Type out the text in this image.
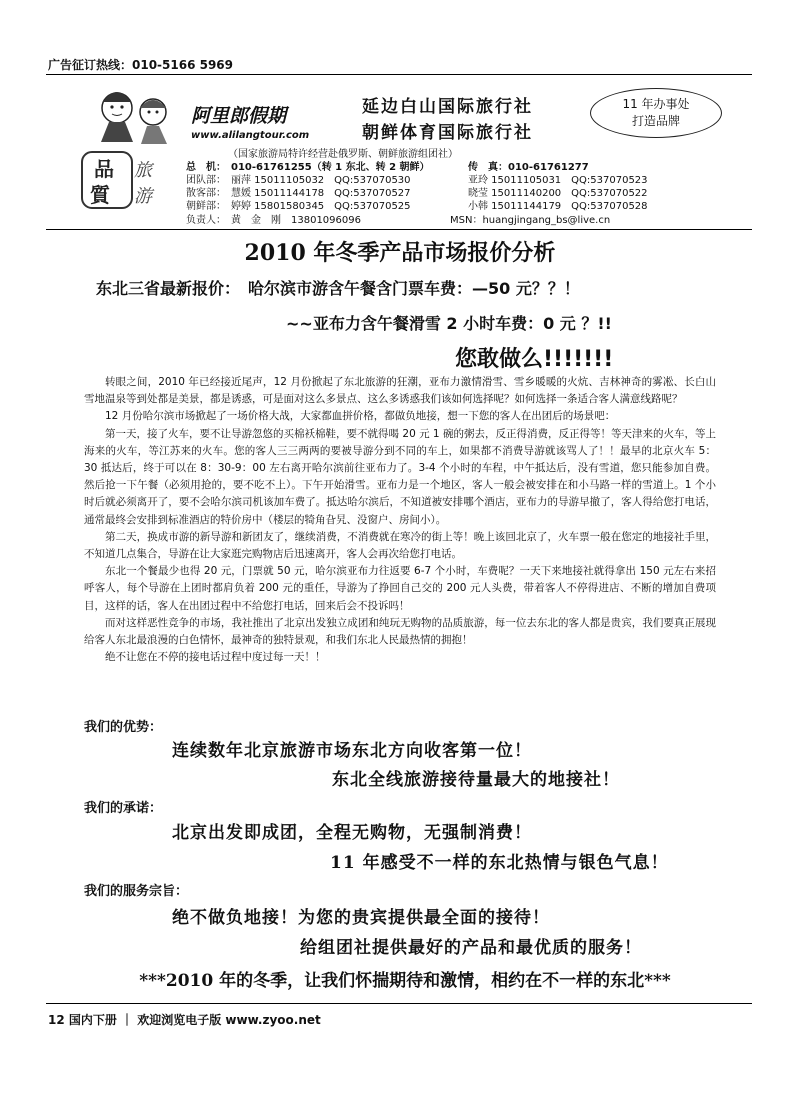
广告征订热线：010-5166 5969
阿里郎假期
www.alilangtour.com
延边白山国际旅行社
朝鲜体育国际旅行社
11 年办事处
打造品牌
品
質
旅
游
（国家旅游局特许经营赴俄罗斯、朝鲜旅游组团社）
总　机：　010-61761255（转 1 东北、转 2 朝鲜）	传　真：010-61761277
团队部：　丽萍 15011105032　QQ:537070530	亚玲 15011105031　QQ:537070523
散客部：　慧媛 15011144178　QQ:537070527	晓莹 15011140200　QQ:537070522
朝鲜部：　婷婷 15801580345　QQ:537070525	小韩 15011144179　QQ:537070528
负责人：　黄　金　刚　13801096096	MSN：huangjingang_bs@live.cn
2010 年冬季产品市场报价分析
东北三省最新报价：　哈尔滨市游含午餐含门票车费：—50 元？？！
~~亚布力含午餐滑雪 2 小时车费：0 元 ？!!
您敢做么!!!!!!!

转眼之间，2010 年已经接近尾声，12 月份掀起了东北旅游的狂潮，亚布力激情滑雪、雪乡暖暖的火炕、吉林神奇的雾凇、长白山雪地温泉等到处都是美景，都是诱惑，可是面对这么多景点、这么多诱惑我们该如何选择呢？如何选择一条适合客人满意线路呢？

12 月份哈尔滨市场掀起了一场价格大战，大家都血拼价格，都做负地接，想一下您的客人在出团后的场景吧：

第一天，接了火车，要不让导游忽悠的买棉袄棉鞋，要不就得喝 20 元 1 碗的粥去，反正得消费，反正得等！等天津来的火车，等上海来的火车，等江苏来的火车。您的客人三三两两的要被导游分到不同的车上，如果都不消费导游就该骂人了！！最早的北京火车 5：30 抵达后，终于可以在 8：30-9：00 左右离开哈尔滨前往亚布力了。3-4 个小时的车程，中午抵达后，没有雪道，您只能参加自费。然后抢一下午餐（必须用抢的，要不吃不上）。下午开始滑雪。亚布力是一个地区，客人一般会被安排在和小马路一样的雪道上。1 个小时后就必须离开了，要不会哈尔滨司机该加车费了。抵达哈尔滨后，不知道被安排哪个酒店，亚布力的导游早撤了，客人得给您打电话，通常最终会安排到标准酒店的特价房中（楼层的犄角旮旯、没窗户、房间小）。

第二天，换成市游的新导游和新团友了，继续消费，不消费就在寒冷的街上等！晚上该回北京了，火车票一般在您定的地接社手里，不知道几点集合，导游在让大家逛完购物店后迅速离开，客人会再次给您打电话。

东北一个餐最少也得 20 元，门票就 50 元，哈尔滨亚布力往返要 6-7 个小时，车费呢？一天下来地接社就得拿出 150 元左右来招呼客人，每个导游在上团时都肩负着 200 元的重任，导游为了挣回自己交的 200 元人头费，带着客人不停得进店、不断的增加自费项目，这样的话，客人在出团过程中不给您打电话，回来后会不投诉吗！

而对这样恶性竞争的市场，我社推出了北京出发独立成团和纯玩无购物的品质旅游，每一位去东北的客人都是贵宾，我们要真正展现给客人东北最浪漫的白色情怀，最神奇的独特景观，和我们东北人民最热情的拥抱！

绝不让您在不停的接电话过程中度过每一天！！

我们的优势：
连续数年北京旅游市场东北方向收客第一位！
东北全线旅游接待量最大的地接社！
我们的承诺：
北京出发即成团，全程无购物，无强制消费！
11 年感受不一样的东北热情与银色气息！
我们的服务宗旨：
绝不做负地接！为您的贵宾提供最全面的接待！
给组团社提供最好的产品和最优质的服务！
***2010 年的冬季，让我们怀揣期待和激情，相约在不一样的东北***
12 国内下册 ｜ 欢迎浏览电子版 www.zyoo.net
